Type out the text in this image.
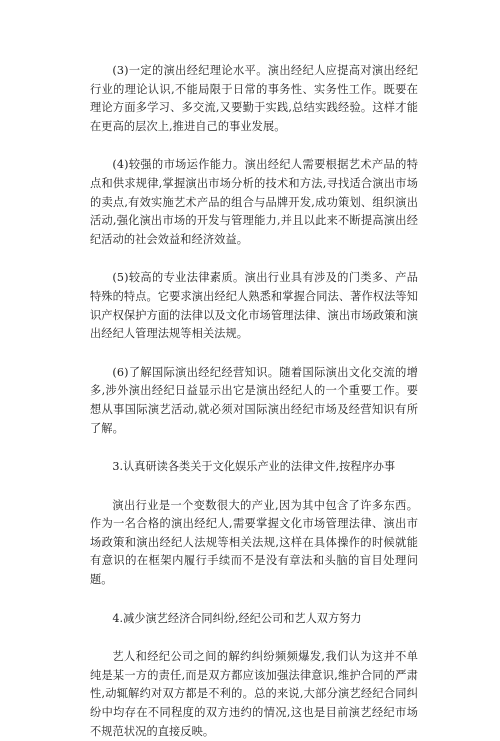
(3)一定的演出经纪理论水平。演出经纪人应提高对演出经纪行业的理论认识,不能局限于日常的事务性、实务性工作。既要在理论方面多学习、多交流,又要勤于实践,总结实践经验。这样才能在更高的层次上,推进自己的事业发展。

(4)较强的市场运作能力。演出经纪人需要根据艺术产品的特点和供求规律,掌握演出市场分析的技术和方法,寻找适合演出市场的卖点,有效实施艺术产品的组合与品牌开发,成功策划、组织演出活动,强化演出市场的开发与管理能力,并且以此来不断提高演出经纪活动的社会效益和经济效益。

(5)较高的专业法律素质。演出行业具有涉及的门类多、产品特殊的特点。它要求演出经纪人熟悉和掌握合同法、著作权法等知识产权保护方面的法律以及文化市场管理法律、演出市场政策和演出经纪人管理法规等相关法规。

(6)了解国际演出经纪经营知识。随着国际演出文化交流的增多,涉外演出经纪日益显示出它是演出经纪人的一个重要工作。要想从事国际演艺活动,就必须对国际演出经纪市场及经营知识有所了解。

3.认真研读各类关于文化娱乐产业的法律文件,按程序办事

演出行业是一个变数很大的产业,因为其中包含了许多东西。作为一名合格的演出经纪人,需要掌握文化市场管理法律、演出市场政策和演出经纪人法规等相关法规,这样在具体操作的时候就能有意识的在框架内履行手续而不是没有章法和头脑的盲目处理问题。

4.减少演艺经济合同纠纷,经纪公司和艺人双方努力

艺人和经纪公司之间的解约纠纷频频爆发,我们认为这并不单纯是某一方的责任,而是双方都应该加强法律意识,维护合同的严肃性,动辄解约对双方都是不利的。总的来说,大部分演艺经纪合同纠纷中均存在不同程度的双方违约的情况,这也是目前演艺经纪市场不规范状况的直接反映。
